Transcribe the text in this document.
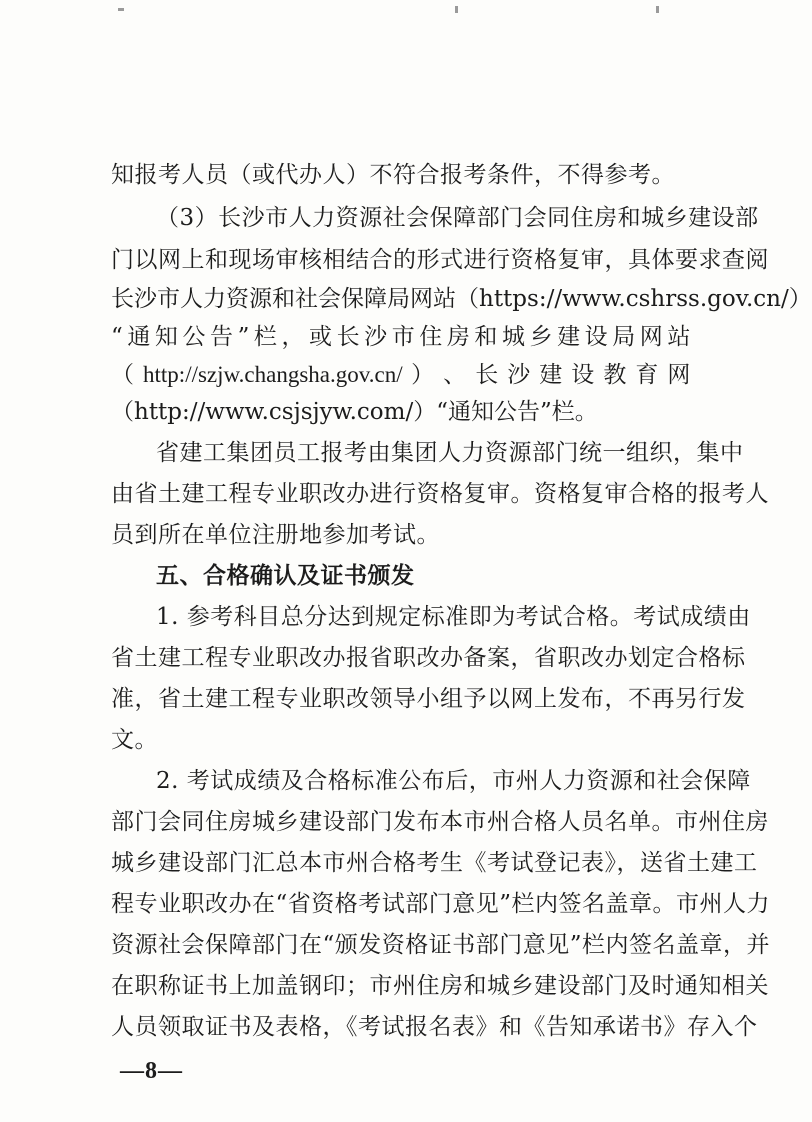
知报考人员（或代办人）不符合报考条件，不得参考。
（3）长沙市人力资源社会保障部门会同住房和城乡建设部
门以网上和现场审核相结合的形式进行资格复审，具体要求查阅
长沙市人力资源和社会保障局网站（https://www.cshrss.gov.cn/）
“ 通 知 公 告 ” 栏 ， 或 长 沙 市 住 房 和 城 乡 建 设 局 网 站
（ http://szjw.changsha.gov.cn/ ） 、 长 沙 建 设 教 育 网
（http://www.csjsjyw.com/）“通知公告”栏。
省建工集团员工报考由集团人力资源部门统一组织，集中
由省土建工程专业职改办进行资格复审。资格复审合格的报考人
员到所在单位注册地参加考试。
五、合格确认及证书颁发
1. 参考科目总分达到规定标准即为考试合格。考试成绩由
省土建工程专业职改办报省职改办备案，省职改办划定合格标
准，省土建工程专业职改领导小组予以网上发布，不再另行发
文。
2. 考试成绩及合格标准公布后，市州人力资源和社会保障
部门会同住房城乡建设部门发布本市州合格人员名单。市州住房
城乡建设部门汇总本市州合格考生《考试登记表》，送省土建工
程专业职改办在“省资格考试部门意见”栏内签名盖章。市州人力
资源社会保障部门在“颁发资格证书部门意见”栏内签名盖章，并
在职称证书上加盖钢印；市州住房和城乡建设部门及时通知相关
人员领取证书及表格，《考试报名表》和《告知承诺书》存入个
—8—
